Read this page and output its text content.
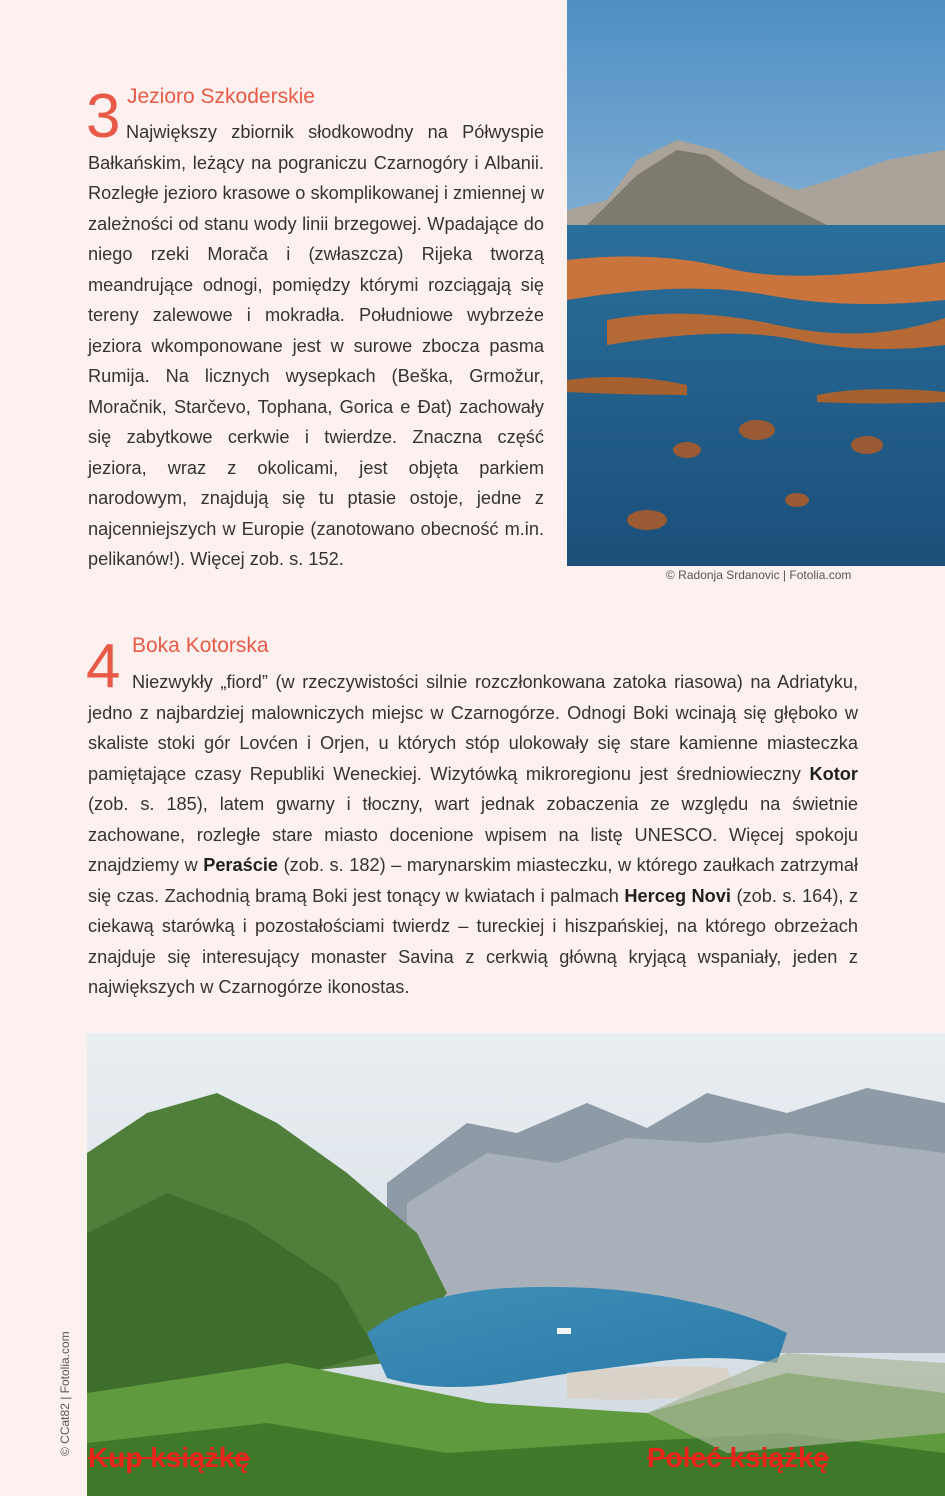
3 Jezioro Szkoderskie
Największy zbiornik słodkowodny na Półwyspie Bałkańskim, leżący na pograniczu Czarnogóry i Albanii. Rozległe jezioro krasowe o skomplikowanej i zmiennej w zależności od stanu wody linii brzegowej. Wpadające do niego rzeki Morača i (zwłaszcza) Rijeka tworzą meandrujące odnogi, pomiędzy którymi rozciągają się tereny zalewowe i mokradła. Południowe wybrzeże jeziora wkomponowane jest w surowe zbocza pasma Rumija. Na licznych wysepkach (Beška, Grmožur, Moračnik, Starčevo, Tophana, Gorica e Đat) zachowały się zabytkowe cerkwie i twierdze. Znaczna część jeziora, wraz z okolicami, jest objęta parkiem narodowym, znajdują się tu ptasie ostoje, jedne z najcenniejszych w Europie (zanotowano obecność m.in. pelikanów!). Więcej zob. s. 152.
© Radonja Srdanovic | Fotolia.com
4 Boka Kotorska
Niezwykły „fiord” (w rzeczywistości silnie rozczłonkowana zatoka riasowa) na Adriatyku, jedno z najbardziej malowniczych miejsc w Czarnogórze. Odnogi Boki wcinają się głęboko w skaliste stoki gór Lovćen i Orjen, u których stóp ulokowały się stare kamienne miasteczka pamiętające czasy Republiki Weneckiej. Wizytówką mikroregionu jest średniowieczny Kotor (zob. s. 185), latem gwarny i tłoczny, wart jednak zobaczenia ze względu na świetnie zachowane, rozległe stare miasto docenione wpisem na listę UNESCO. Więcej spokoju znajdziemy w Peraście (zob. s. 182) – marynarskim miasteczku, w którego zaułkach zatrzymał się czas. Zachodnią bramą Boki jest tonący w kwiatach i palmach Herceg Novi (zob. s. 164), z ciekawą starówką i pozostałościami twierdz – tureckiej i hiszpańskiej, na którego obrzeżach znajduje się interesujący monaster Savina z cerkwią główną kryjącą wspaniały, jeden z największych w Czarnogórze ikonostas.
© CCat82 | Fotolia.com
Kup książkę	Poleć książkę
